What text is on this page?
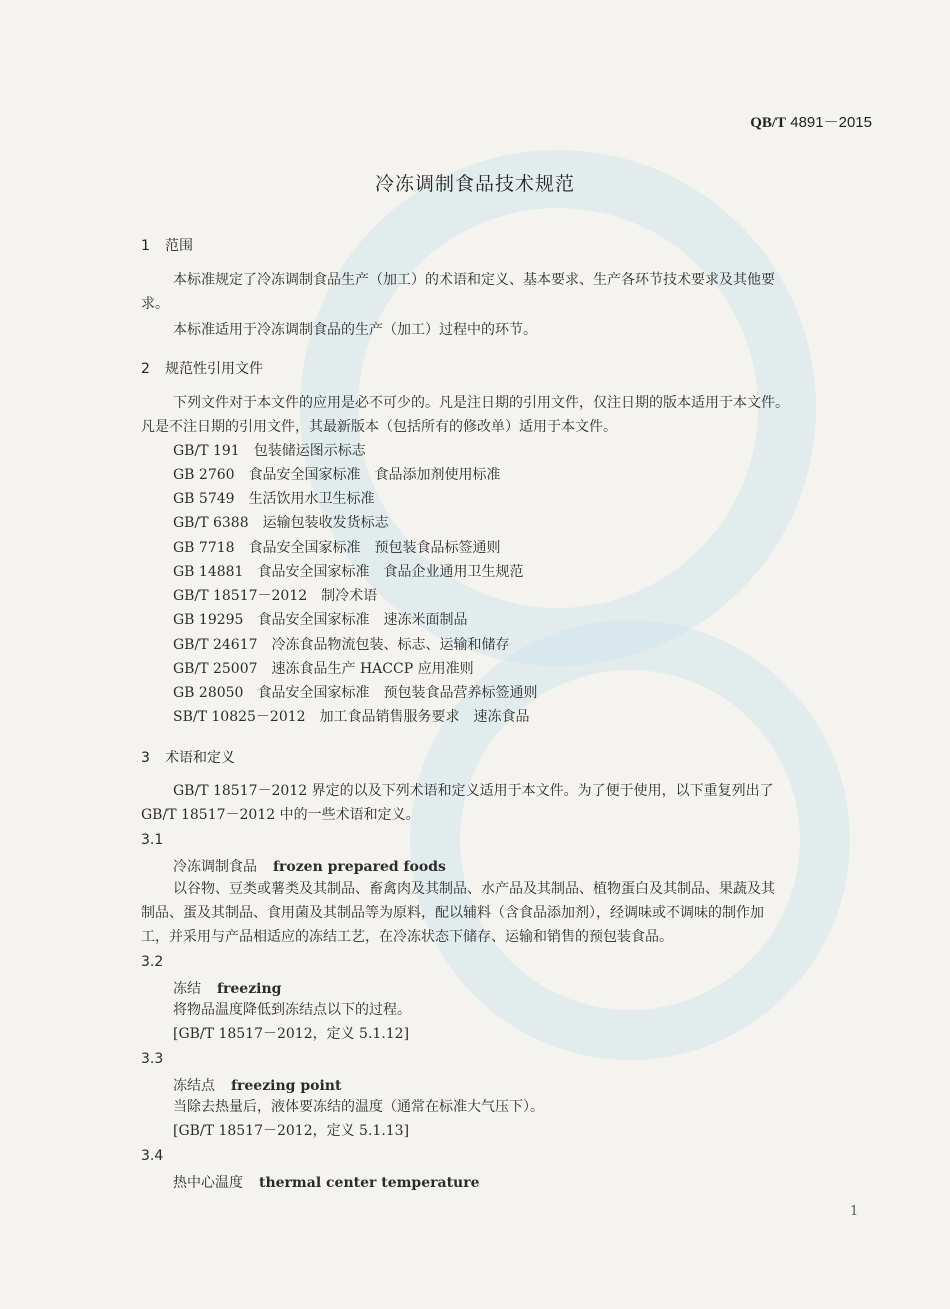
QB/T 4891－2015
冷冻调制食品技术规范
1 范围
本标准规定了冷冻调制食品生产（加工）的术语和定义、基本要求、生产各环节技术要求及其他要
求。
本标准适用于冷冻调制食品的生产（加工）过程中的环节。
2 规范性引用文件
下列文件对于本文件的应用是必不可少的。凡是注日期的引用文件，仅注日期的版本适用于本文件。
凡是不注日期的引用文件，其最新版本（包括所有的修改单）适用于本文件。
GB/T 191 包装储运图示标志
GB 2760 食品安全国家标准　食品添加剂使用标准
GB 5749 生活饮用水卫生标准
GB/T 6388 运输包装收发货标志
GB 7718 食品安全国家标准　预包装食品标签通则
GB 14881 食品安全国家标准　食品企业通用卫生规范
GB/T 18517－2012 制冷术语
GB 19295 食品安全国家标准　速冻米面制品
GB/T 24617 冷冻食品物流包装、标志、运输和储存
GB/T 25007 速冻食品生产 HACCP 应用准则
GB 28050 食品安全国家标准　预包装食品营养标签通则
SB/T 10825－2012 加工食品销售服务要求　速冻食品
3 术语和定义
GB/T 18517－2012 界定的以及下列术语和定义适用于本文件。为了便于使用，以下重复列出了
GB/T 18517－2012 中的一些术语和定义。
3.1
冷冻调制食品 frozen prepared foods
以谷物、豆类或薯类及其制品、畜禽肉及其制品、水产品及其制品、植物蛋白及其制品、果蔬及其
制品、蛋及其制品、食用菌及其制品等为原料，配以辅料（含食品添加剂），经调味或不调味的制作加
工，并采用与产品相适应的冻结工艺，在冷冻状态下储存、运输和销售的预包装食品。
3.2
冻结 freezing
将物品温度降低到冻结点以下的过程。
[GB/T 18517－2012，定义 5.1.12]
3.3
冻结点 freezing point
当除去热量后，液体要冻结的温度（通常在标准大气压下）。
[GB/T 18517－2012，定义 5.1.13]
3.4
热中心温度 thermal center temperature
1
